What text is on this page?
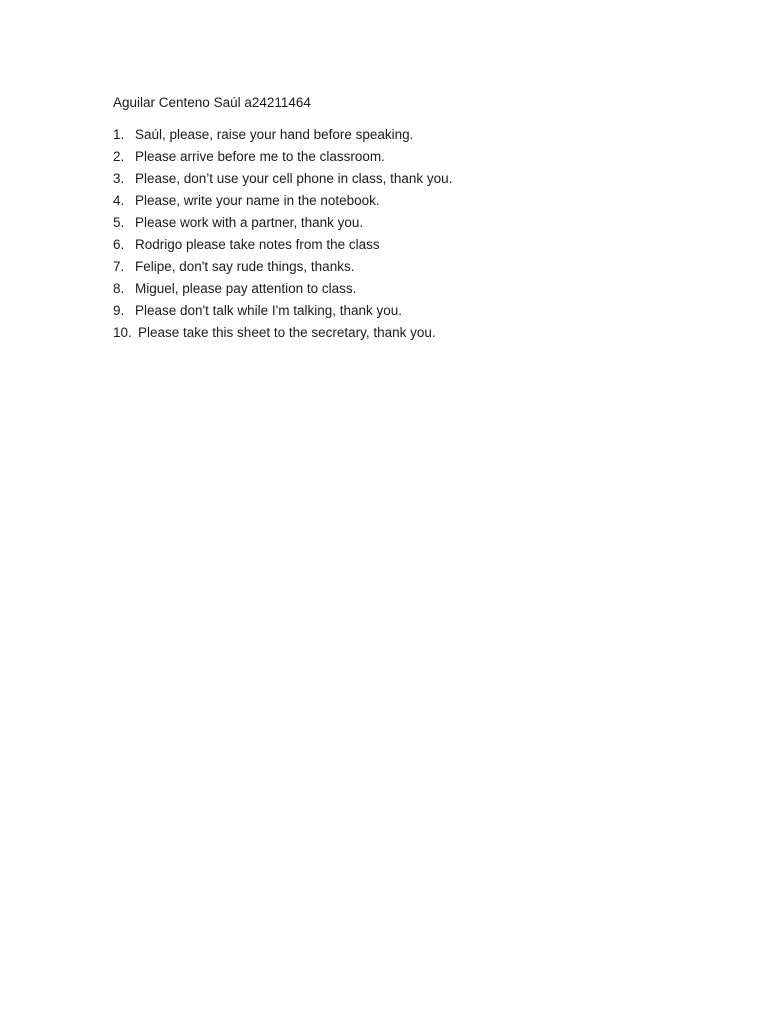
Aguilar Centeno Saúl a24211464
1. Saúl, please, raise your hand before speaking.
2. Please arrive before me to the classroom.
3. Please, don’t use your cell phone in class, thank you.
4. Please, write your name in the notebook.
5. Please work with a partner, thank you.
6. Rodrigo please take notes from the class
7. Felipe, don't say rude things, thanks.
8. Miguel, please pay attention to class.
9. Please don't talk while I'm talking, thank you.
10. Please take this sheet to the secretary, thank you.
